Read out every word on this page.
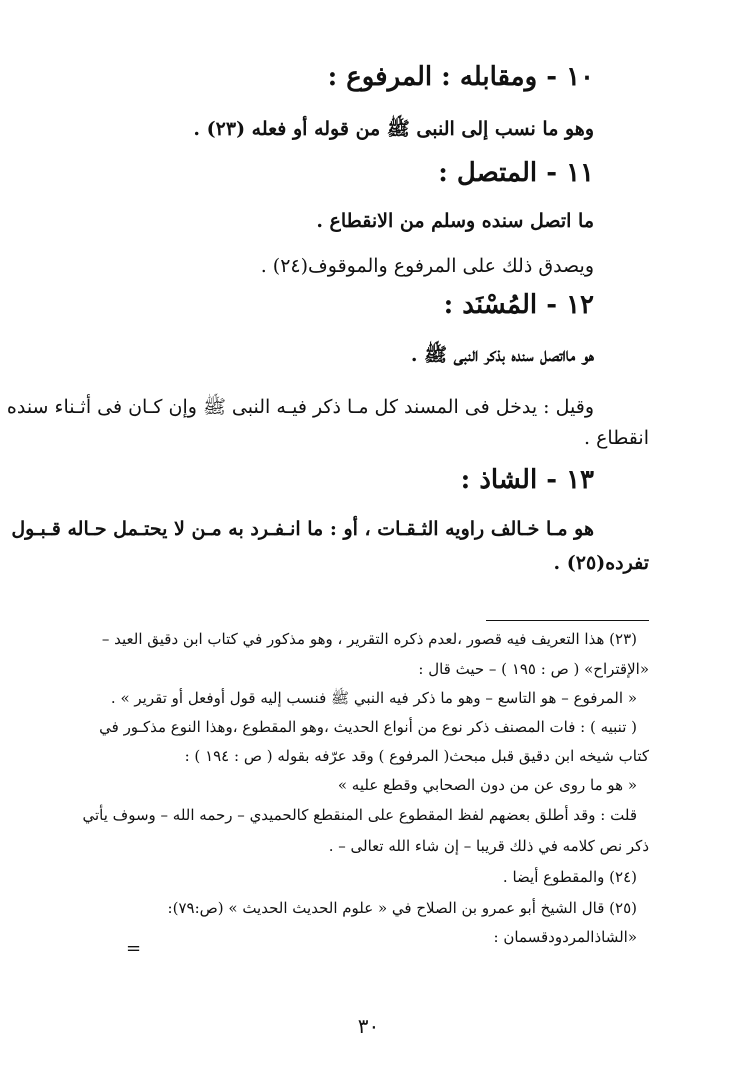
١٠ - ومقابله : المرفوع :
وهو ما نسب إلى النبى ﷺ من قوله أو فعله (٢٣) .
١١ - المتصل :
ما اتصل سنده وسلم من الانقطاع .
ويصدق ذلك على المرفوع والموقوف(٢٤) .
١٢ - المُسْنَد :
هو مااتصل سنده بذكر النبى ﷺ .
وقيل : يدخل فى المسند كل مـا ذكر فيـه النبى ﷺ وإن كـان فى أثـناء سنده
انقطاع .
١٣ - الشاذ :
هو مـا خـالف راويه الثـقـات ، أو : ما انـفـرد به مـن لا يحتـمل حـاله قـبـول
تفرده(٢٥) .
(٢٣) هذا التعريف فيه قصور ،لعدم ذكره التقرير ، وهو مذكور في كتاب ابن دقيق العيد –
«الإقتراح» ( ص : ١٩٥ ) – حيث قال :
« المرفوع – هو التاسع – وهو ما ذكر فيه النبي ﷺ فنسب إليه قول أوفعل أو تقرير » .
( تنبيه ) : فات المصنف ذكر نوع من أنواع الحديث ،وهو المقطوع ،وهذا النوع مذكـور في
كتاب شيخه ابن دقيق قبل مبحث( المرفوع ) وقد عرّفه بقوله ( ص : ١٩٤ ) :
« هو ما روى عن من دون الصحابي وقطع عليه »
قلت : وقد أطلق بعضهم لفظ المقطوع على المنقطع كالحميدي – رحمه الله – وسوف يأتي
ذكر نص كلامه في ذلك قريبا – إن شاء الله تعالى – .
(٢٤) والمقطوع أيضا .
(٢٥) قال الشيخ أبو عمرو بن الصلاح في « علوم الحديث الحديث » (ص:٧٩):
«الشاذالمردودقسمان :
=
٣٠
